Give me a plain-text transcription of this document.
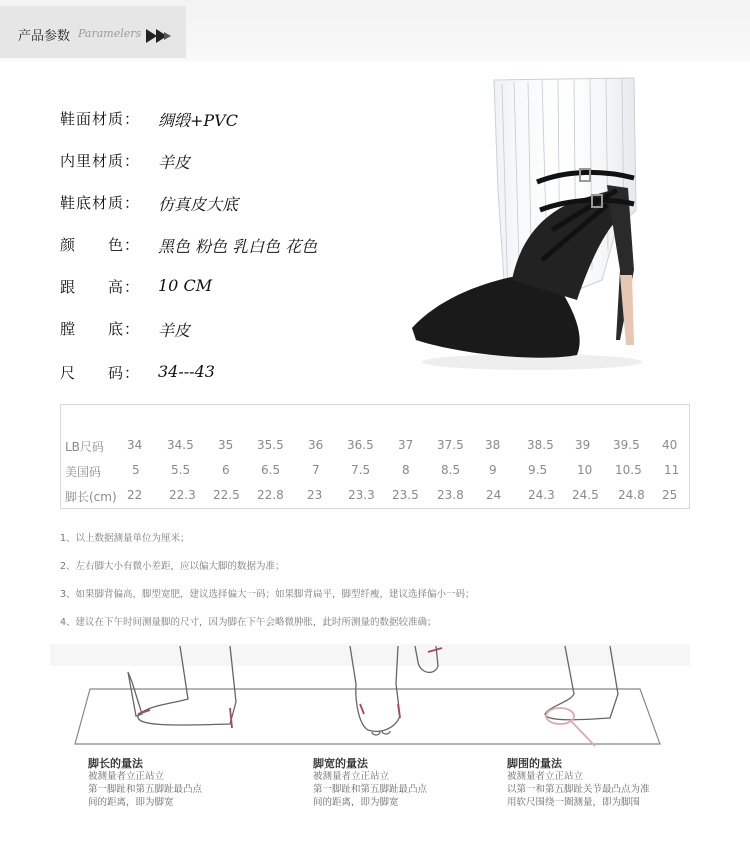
产品参数 Paramelers
鞋面材质：	绸缎+PVC
内里材质：	羊皮
鞋底材质：	仿真皮大底
颜　　色：	黑色 粉色 乳白色 花色
跟　　高：	10 CM
膛　　底：	羊皮
尺　　码：	34---43
LB尺码 34 34.5 35 35.5 36 36.5 37 37.5 38 38.5 39 39.5 40
美国码	5	5.5	6	6.5	7	7.5	8	8.5 9	9.5 10 10.5 11
脚长(cm) 22 22.3 22.5 22.8 23 23.3 23.5 23.8 24 24.3 24.5 24.8 25
1、以上数据测量单位为厘米；
2、左右脚大小有微小差距，应以偏大脚的数据为准；
3、如果脚背偏高，脚型宽肥，建议选择偏大一码；如果脚背扁平，脚型纤瘦，建议选择偏小一码；
4、建议在下午时间测量脚的尺寸，因为脚在下午会略微肿胀，此时所测量的数据较准确；
脚长的量法
被测量者立正站立
第一脚趾和第五脚趾最凸点
间的距离，即为脚宽
脚宽的量法
被测量者立正站立
第一脚趾和第五脚趾最凸点
间的距离，即为脚宽
脚围的量法
被测量者立正站立
以第一和第五脚趾关节最凸点为准
用软尺围绕一圈测量，即为脚围
